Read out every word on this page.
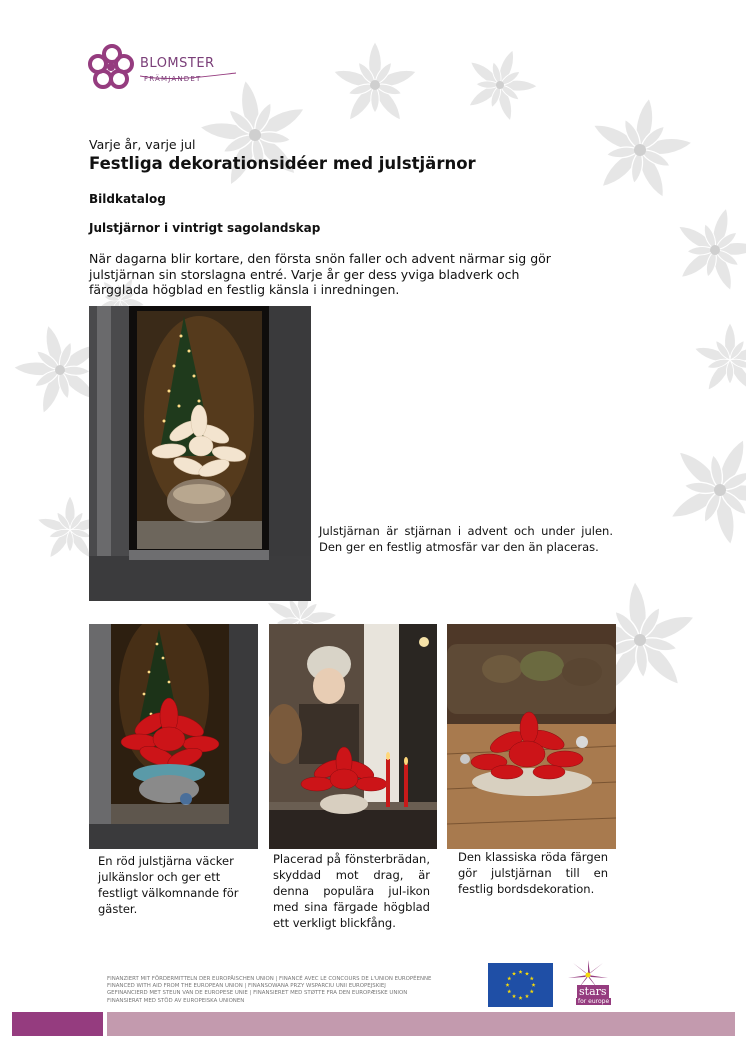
BLOMSTER
FRÄMJANDET
Varje år, varje jul
Festliga dekorationsidéer med julstjärnor
Bildkatalog
Julstjärnor i vintrigt sagolandskap
När dagarna blir kortare, den första snön faller och advent närmar sig gör julstjärnan sin storslagna entré. Varje år ger dess yviga bladverk och färgglada högblad en festlig känsla i inredningen.
Julstjärnan är stjärnan i advent och under julen. Den ger en festlig atmosfär var den än placeras.
En röd julstjärna väcker julkänslor och ger ett festligt välkomnande för gäster.
Placerad på fönsterbrädan, skyddad mot drag, är denna populära jul-ikon med sina färgade högblad ett verkligt blickfång.
Den klassiska röda färgen gör julstjärnan till en festlig bordsdekoration.
FINANZIERT MIT FÖRDERMITTELN DER EUROPÄISCHEN UNION | FINANCÉ AVEC LE CONCOURS DE L'UNION EUROPÉENNE
FINANCED WITH AID FROM THE EUROPEAN UNION | FINANSOWANA PRZY WSPARCIU UNII EUROPEJSKIEJ
GEFINANCIERD MET STEUN VAN DE EUROPESE UNIE | FINANSIERET MED STØTTE FRA DEN EUROPÆISKE UNION
FINANSIERAT MED STÖD AV EUROPEISKA UNIONEN
stars
for europe
